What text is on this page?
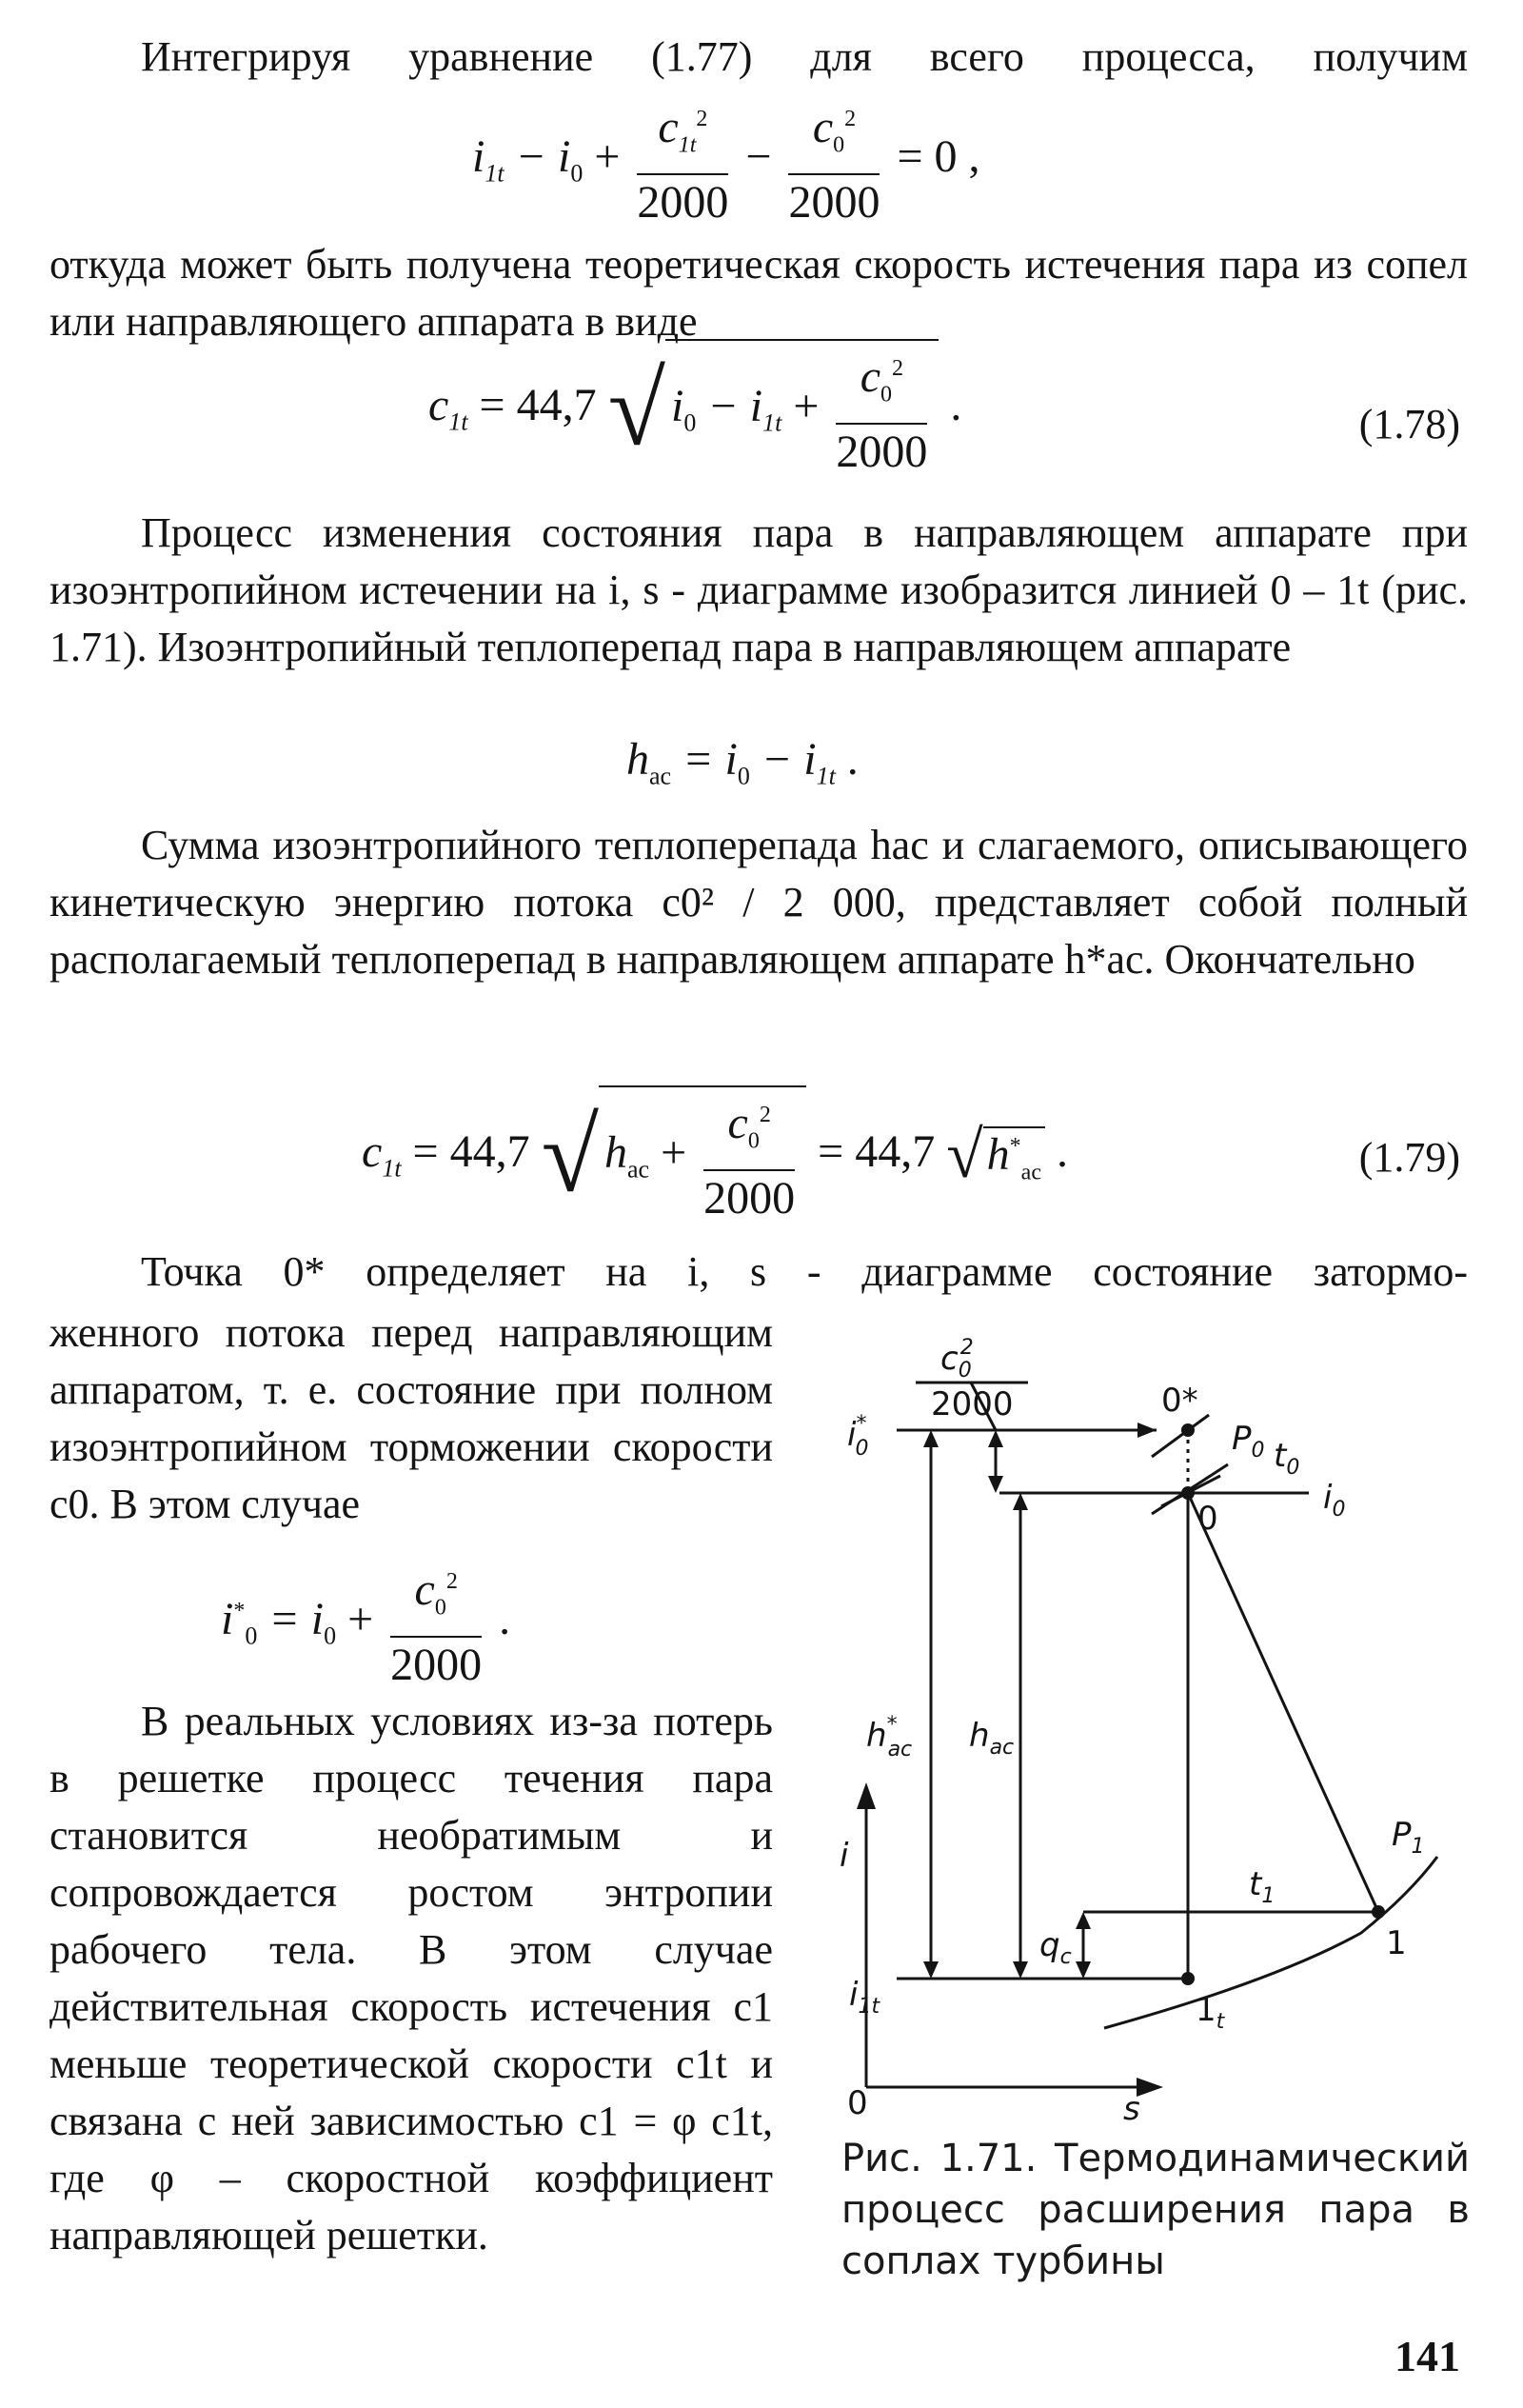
Интегрируя уравнение (1.77) для всего процесса, получим

$i_{1t} - i_0 + \frac{c_{1t}^2}{2000} - \frac{c_0^2}{2000} = 0$ ,

откуда может быть получена теоретическая скорость истечения пара из сопел или направляющего аппарата в виде

$c_{1t} = 44,7$ √ $i_0 - i_{1t} + \frac{c_0^2}{2000}$ .	(1.78)

Процесс изменения состояния пара в направляющем аппарате при изоэнтропийном истечении на i, s - диаграмме изобразится линией 0 – 1t (рис. 1.71). Изоэнтропийный теплоперепад пара в направляющем аппарате

$h_{ас} = i_0 - i_{1t}$ .

Сумма изоэнтропийного теплоперепада hас и слагаемого, описывающего кинетическую энергию потока c0² / 2 000, представляет собой полный располагаемый теплоперепад в направляющем аппарате h*ас. Окончательно

$c_{1t} = 44,7$ √ $h_{ас} + \frac{c_0^2}{2000} = 44,7$ $√h^*_{ас}$ .	(1.79)

Точка 0* определяет на i, s - диаграмме состояние затормо-

женного потока перед направляющим аппаратом, т. е. состояние при полном изоэнтропийном торможении скорости c0. В этом случае

$i^*_0 = i_0 + \frac{c_0^2}{2000}$ .

В реальных условиях из-за потерь в решетке процесс течения пара становится необратимым и сопровождается ростом энтропии рабочего тела. В этом случае действительная скорость истечения c1 меньше теоретической скорости c1t и связана с ней зависимостью c1 = φ c1t, где φ – скоростной коэффициент направляющей решетки.

$c_02$
2000
i* 0
0*
$P_0$ $t_0$
$i_0$
0
h* ас $h_{ас}$
$P_1$
$t_1$
1
i
$q_c$
$i_{1t}$	$1_t$
0	s
Рис. 1.71. Термодинамический процесс расширения пара в соплах турбины
141
